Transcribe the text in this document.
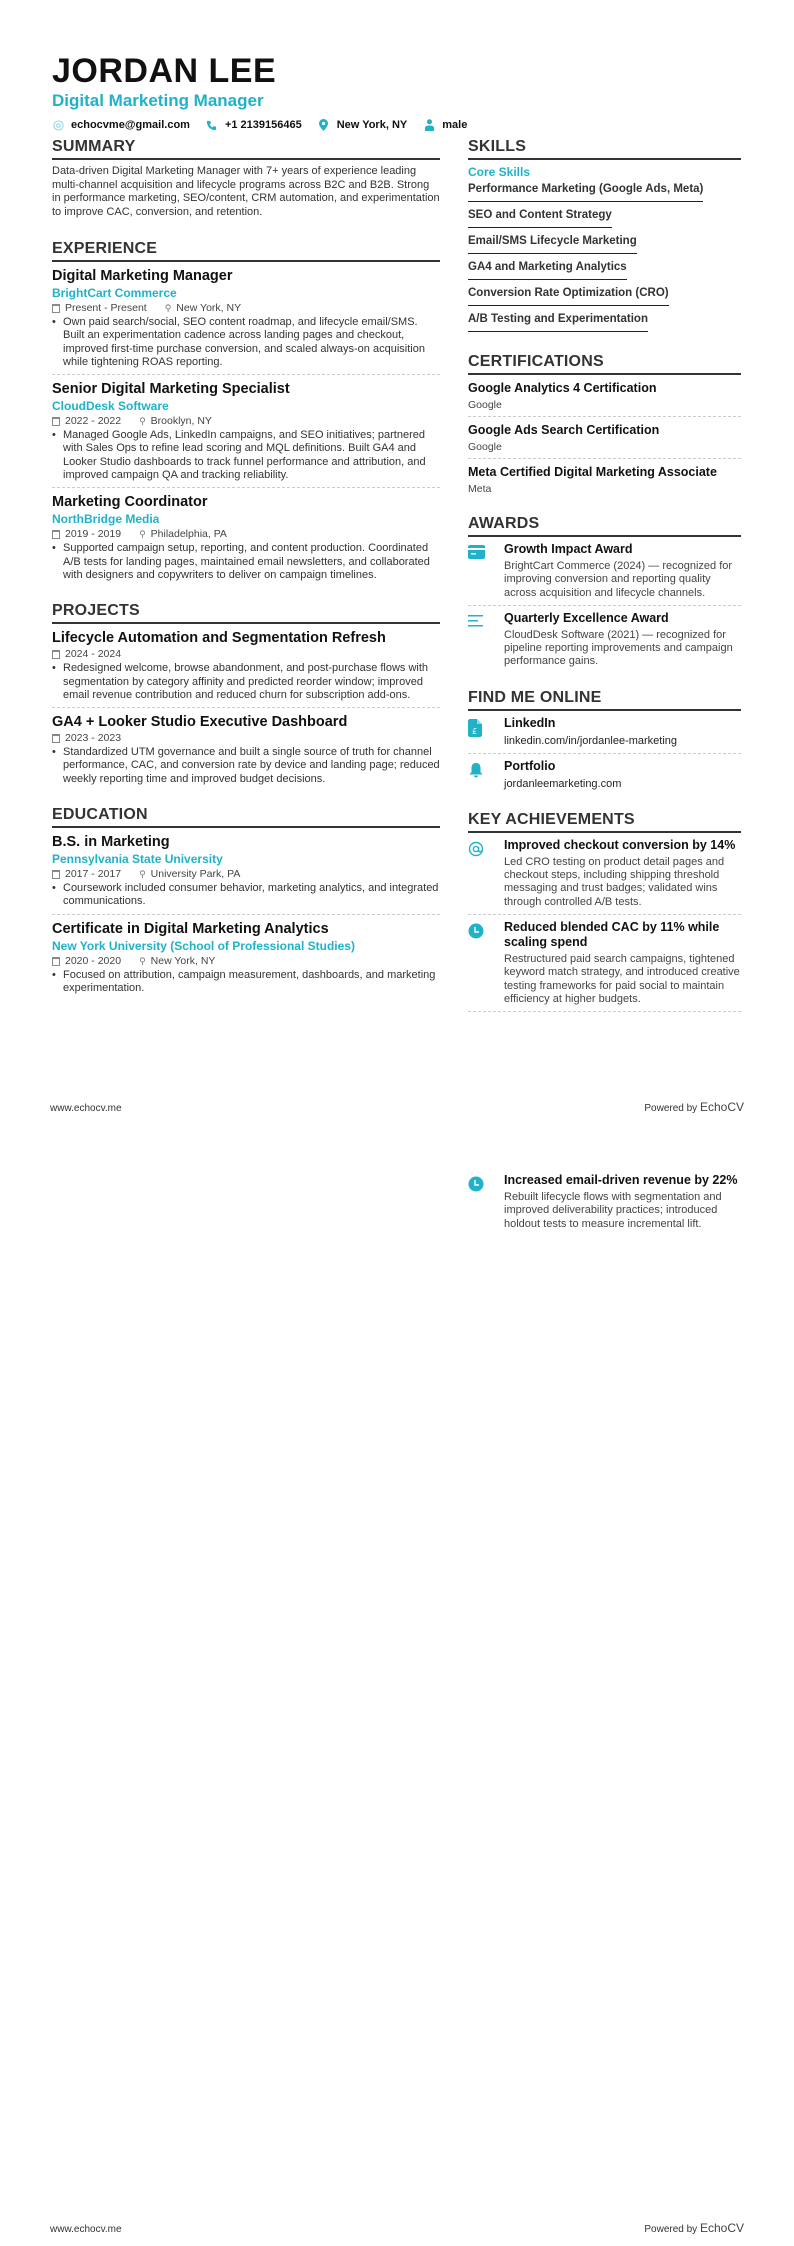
JORDAN LEE
Digital Marketing Manager
echocvme@gmail.com	+1 2139156465	New York, NY	male
SUMMARY
Data-driven Digital Marketing Manager with 7+ years of experience leading multi-channel acquisition and lifecycle programs across B2C and B2B. Strong in performance marketing, SEO/content, CRM automation, and experimentation to improve CAC, conversion, and retention.
EXPERIENCE
Digital Marketing Manager
BrightCart Commerce
Present - Present ⚲ New York, NY
• Own paid search/social, SEO content roadmap, and lifecycle email/SMS. Built an experimentation cadence across landing pages and checkout, improved first-time purchase conversion, and scaled always-on acquisition while tightening ROAS reporting.
Senior Digital Marketing Specialist
CloudDesk Software
2022 - 2022 ⚲ Brooklyn, NY
• Managed Google Ads, LinkedIn campaigns, and SEO initiatives; partnered with Sales Ops to refine lead scoring and MQL definitions. Built GA4 and Looker Studio dashboards to track funnel performance and attribution, and improved campaign QA and tracking reliability.
Marketing Coordinator
NorthBridge Media
2019 - 2019 ⚲ Philadelphia, PA
• Supported campaign setup, reporting, and content production. Coordinated A/B tests for landing pages, maintained email newsletters, and collaborated with designers and copywriters to deliver on campaign timelines.
PROJECTS
Lifecycle Automation and Segmentation Refresh
2024 - 2024
• Redesigned welcome, browse abandonment, and post-purchase flows with segmentation by category affinity and predicted reorder window; improved email revenue contribution and reduced churn for subscription add-ons.
GA4 + Looker Studio Executive Dashboard
2023 - 2023
• Standardized UTM governance and built a single source of truth for channel performance, CAC, and conversion rate by device and landing page; reduced weekly reporting time and improved budget decisions.
EDUCATION
B.S. in Marketing
Pennsylvania State University
2017 - 2017 ⚲ University Park, PA
• Coursework included consumer behavior, marketing analytics, and integrated communications.
Certificate in Digital Marketing Analytics
New York University (School of Professional Studies)
2020 - 2020 ⚲ New York, NY
• Focused on attribution, campaign measurement, dashboards, and marketing experimentation.
SKILLS
Core Skills
Performance Marketing (Google Ads, Meta)
SEO and Content Strategy
Email/SMS Lifecycle Marketing
GA4 and Marketing Analytics
Conversion Rate Optimization (CRO)
A/B Testing and Experimentation
CERTIFICATIONS
Google Analytics 4 Certification
Google
Google Ads Search Certification
Google
Meta Certified Digital Marketing Associate
Meta
AWARDS
Growth Impact Award
BrightCart Commerce (2024) — recognized for improving conversion and reporting quality across acquisition and lifecycle channels.
Quarterly Excellence Award
CloudDesk Software (2021) — recognized for pipeline reporting improvements and campaign performance gains.
FIND ME ONLINE
£
LinkedIn
linkedin.com/in/jordanlee-marketing
Portfolio
jordanleemarketing.com
KEY ACHIEVEMENTS
Improved checkout conversion by 14%
Led CRO testing on product detail pages and checkout steps, including shipping threshold messaging and trust badges; validated wins through controlled A/B tests.
Reduced blended CAC by 11% while scaling spend
Restructured paid search campaigns, tightened keyword match strategy, and introduced creative testing frameworks for paid social to maintain efficiency at higher budgets.
www.echocv.me	Powered by EchoCV
Increased email-driven revenue by 22%
Rebuilt lifecycle flows with segmentation and improved deliverability practices; introduced holdout tests to measure incremental lift.
www.echocv.me	Powered by EchoCV
